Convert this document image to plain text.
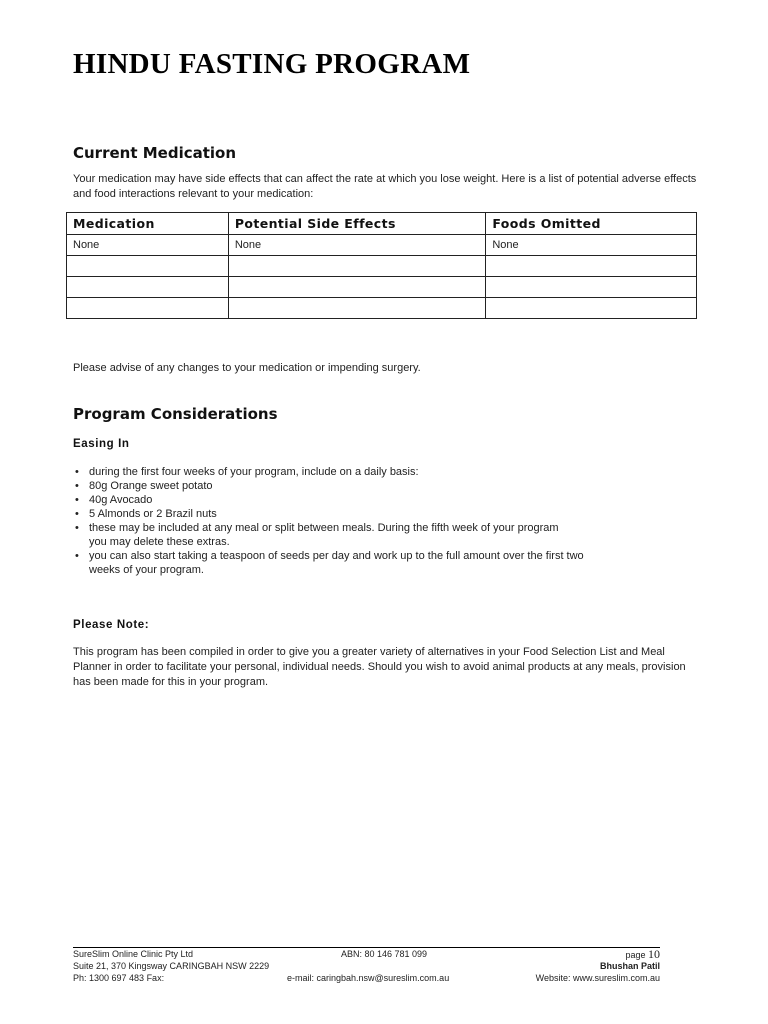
HINDU FASTING PROGRAM
Current Medication

Your medication may have side effects that can affect the rate at which you lose weight. Here is a list of potential adverse effects and food interactions relevant to your medication:

Medication	Potential Side Effects	Foods Omitted
None	None	None

Please advise of any changes to your medication or impending surgery.

Program Considerations

Easing In

• during the first four weeks of your program, include on a daily basis:
• 80g Orange sweet potato
• 40g Avocado
• 5 Almonds or 2 Brazil nuts
• these may be included at any meal or split between meals. During the fifth week of your program you may delete these extras.
• you can also start taking a teaspoon of seeds per day and work up to the full amount over the first two weeks of your program.

Please Note:

This program has been compiled in order to give you a greater variety of alternatives in your Food Selection List and Meal Planner in order to facilitate your personal, individual needs. Should you wish to avoid animal products at any meals, provision has been made for this in your program.

SureSlim Online Clinic Pty Ltd	ABN: 80 146 781 099	page 10
Suite 21, 370 Kingsway CARINGBAH NSW 2229	Bhushan Patil
Ph: 1300 697 483 Fax:	e-mail: caringbah.nsw@sureslim.com.au	Website: www.sureslim.com.au
